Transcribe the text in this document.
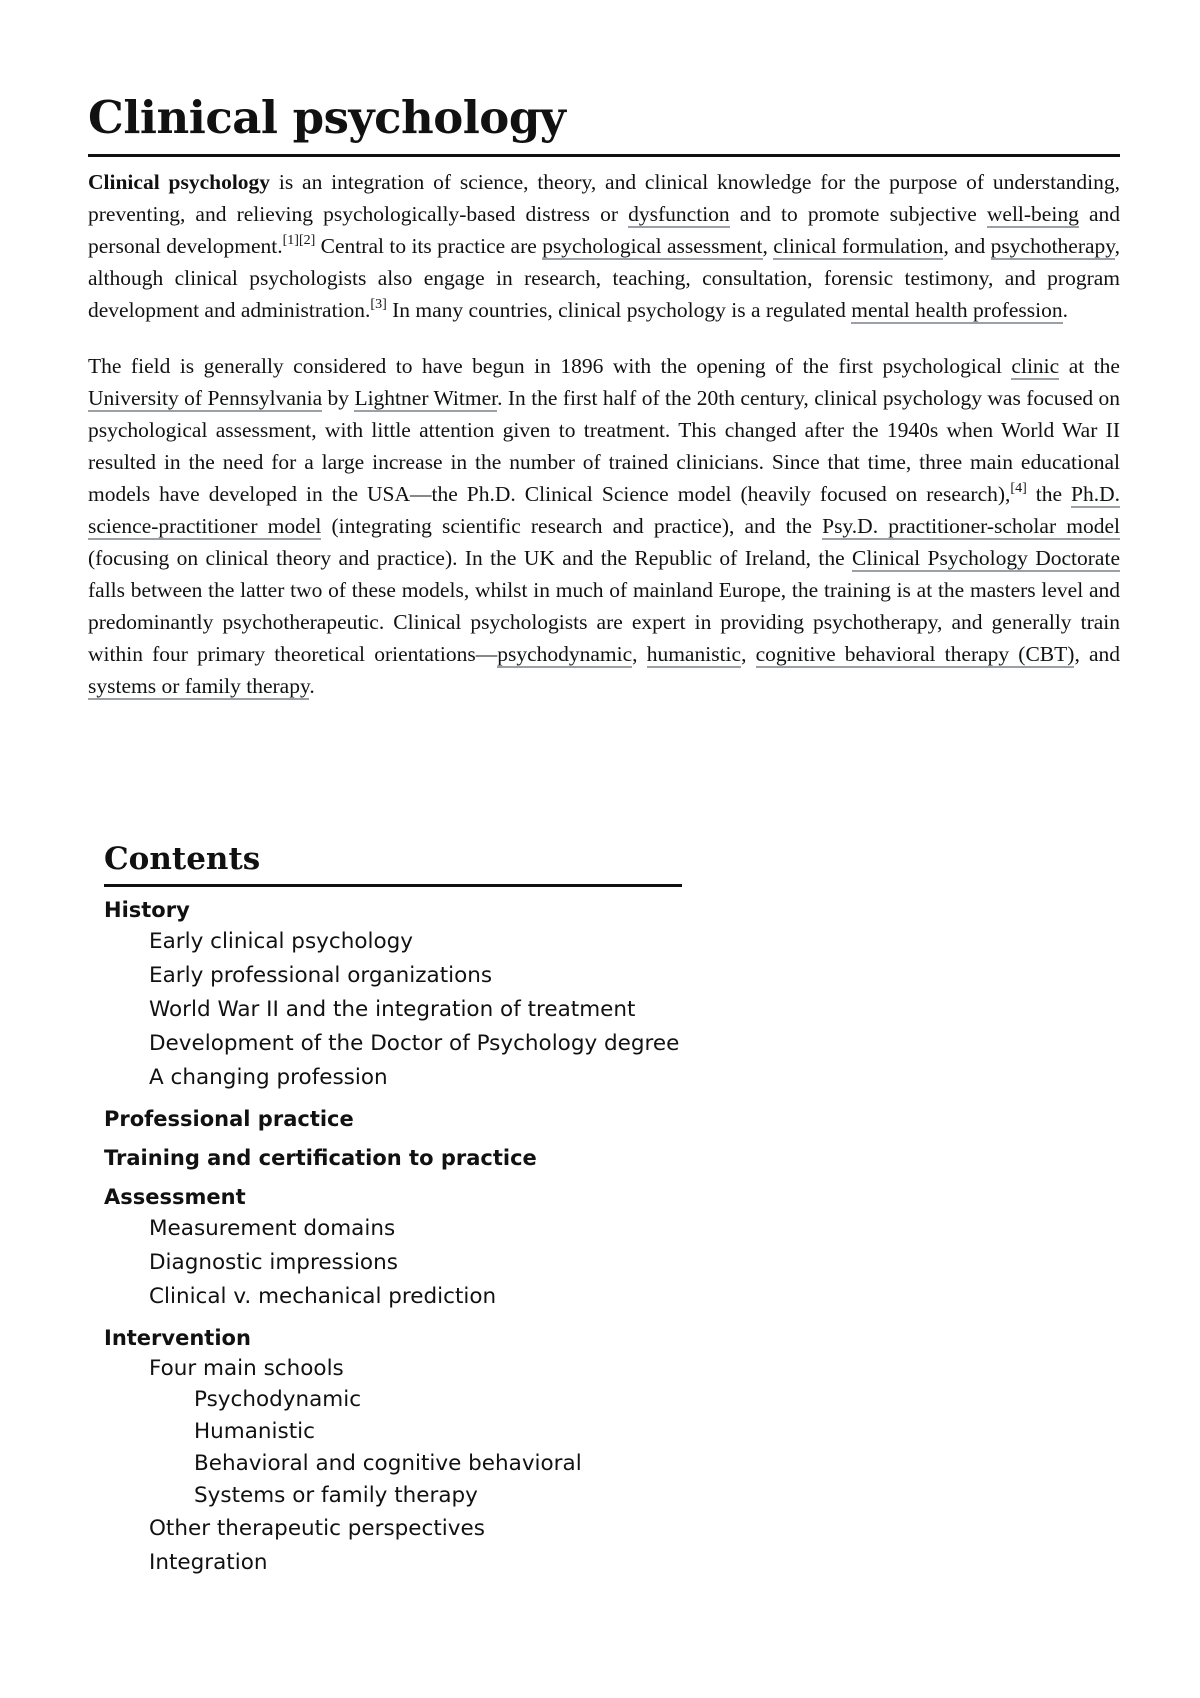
Clinical psychology

Clinical psychology is an integration of science, theory, and clinical knowledge for the purpose of understanding, preventing, and relieving psychologically-based distress or dysfunction and to promote subjective well-being and personal development.[1][2] Central to its practice are psychological assessment, clinical formulation, and psychotherapy, although clinical psychologists also engage in research, teaching, consultation, forensic testimony, and program development and administration.[3] In many countries, clinical psychology is a regulated mental health profession.

The field is generally considered to have begun in 1896 with the opening of the first psychological clinic at the University of Pennsylvania by Lightner Witmer. In the first half of the 20th century, clinical psychology was focused on psychological assessment, with little attention given to treatment. This changed after the 1940s when World War II resulted in the need for a large increase in the number of trained clinicians. Since that time, three main educational models have developed in the USA—the Ph.D. Clinical Science model (heavily focused on research),[4] the Ph.D. science-practitioner model (integrating scientific research and practice), and the Psy.D. practitioner-scholar model (focusing on clinical theory and practice). In the UK and the Republic of Ireland, the Clinical Psychology Doctorate falls between the latter two of these models, whilst in much of mainland Europe, the training is at the masters level and predominantly psychotherapeutic. Clinical psychologists are expert in providing psychotherapy, and generally train within four primary theoretical orientations—psychodynamic, humanistic, cognitive behavioral therapy (CBT), and systems or family therapy.

Contents
History
Early clinical psychology
Early professional organizations
World War II and the integration of treatment
Development of the Doctor of Psychology degree
A changing profession
Professional practice
Training and certification to practice
Assessment
Measurement domains
Diagnostic impressions
Clinical v. mechanical prediction
Intervention
Four main schools
Psychodynamic
Humanistic
Behavioral and cognitive behavioral
Systems or family therapy
Other therapeutic perspectives
Integration
